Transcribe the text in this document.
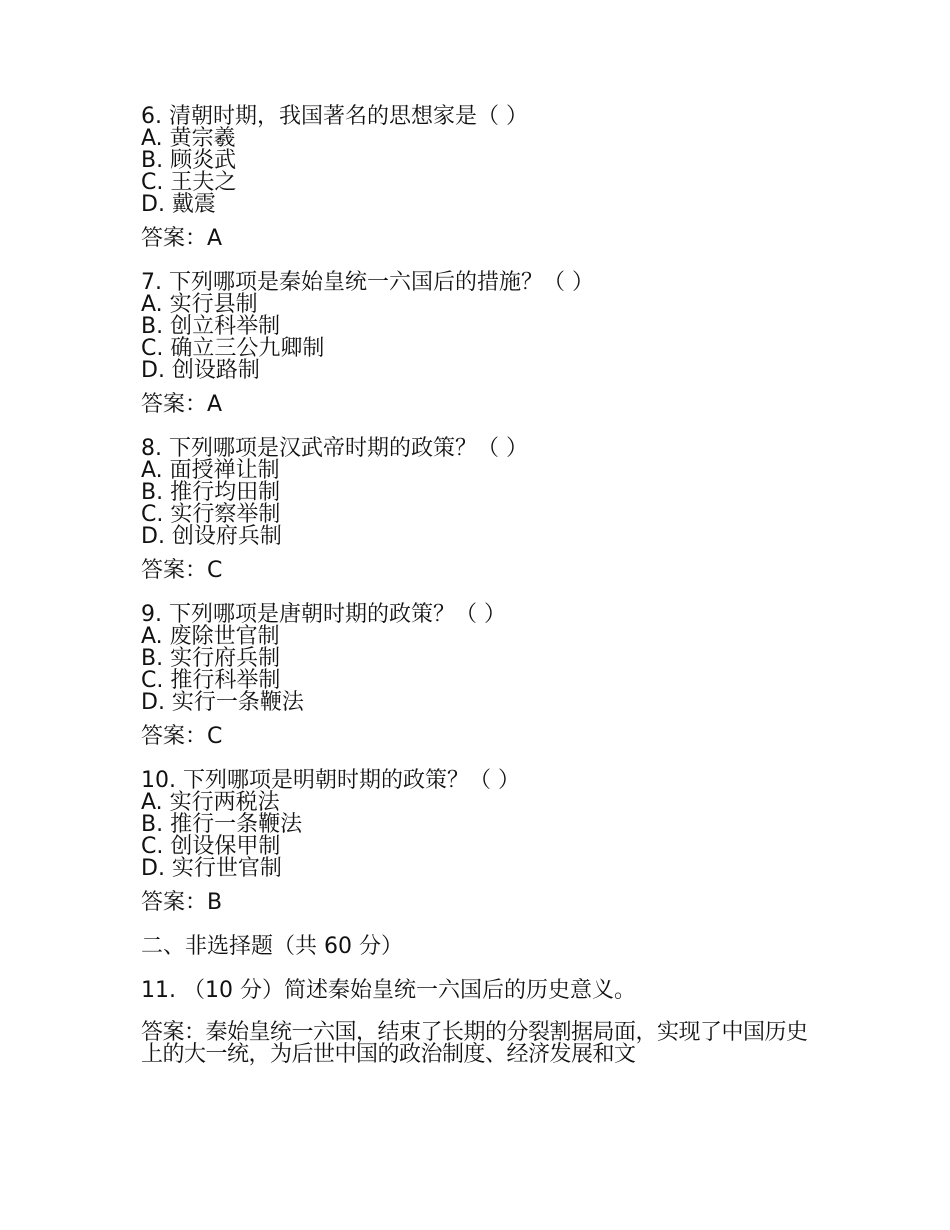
6. 清朝时期，我国著名的思想家是（ ）
A. 黄宗羲
B. 顾炎武
C. 王夫之
D. 戴震
答案：A
7. 下列哪项是秦始皇统一六国后的措施？（ ）
A. 实行县制
B. 创立科举制
C. 确立三公九卿制
D. 创设路制
答案：A
8. 下列哪项是汉武帝时期的政策？（ ）
A. 面授禅让制
B. 推行均田制
C. 实行察举制
D. 创设府兵制
答案：C
9. 下列哪项是唐朝时期的政策？（ ）
A. 废除世官制
B. 实行府兵制
C. 推行科举制
D. 实行一条鞭法
答案：C
10. 下列哪项是明朝时期的政策？（ ）
A. 实行两税法
B. 推行一条鞭法
C. 创设保甲制
D. 实行世官制
答案：B
二、非选择题（共 60 分）
11. （10 分）简述秦始皇统一六国后的历史意义。
答案：秦始皇统一六国，结束了长期的分裂割据局面，实现了中国历史上的大一统，为后世中国的政治制度、经济发展和文
